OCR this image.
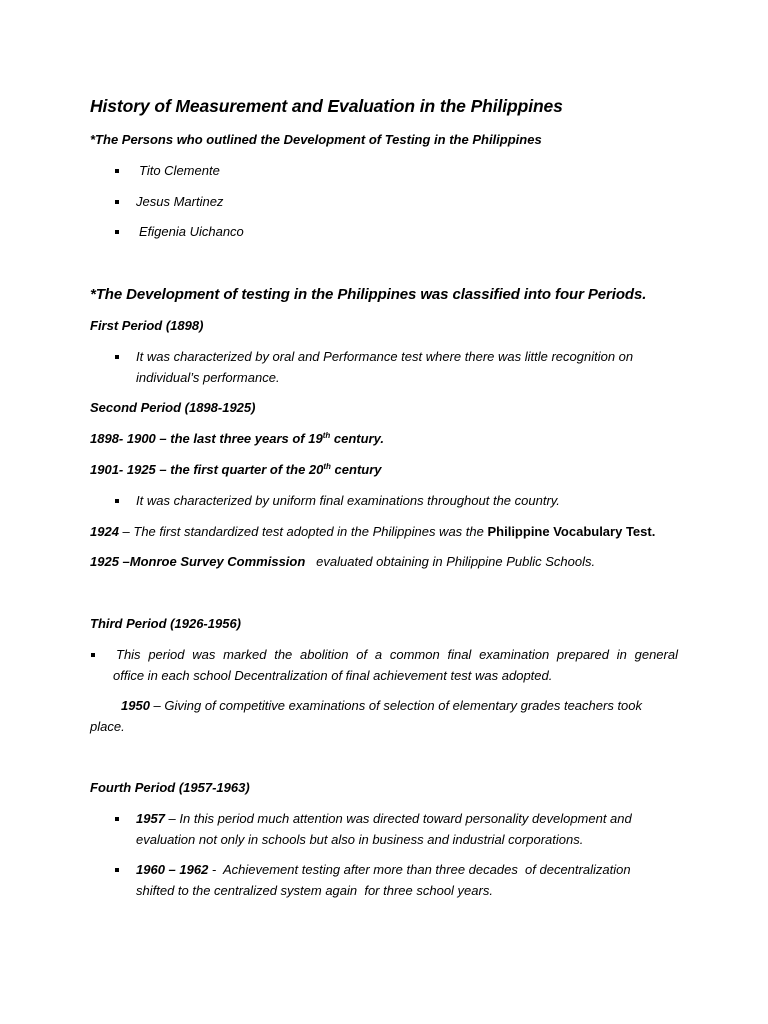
History of Measurement and Evaluation in the Philippines
*The Persons who outlined the Development of Testing in the Philippines
Tito Clemente
Jesus Martinez
Efigenia Uichanco
*The Development of testing in the Philippines was classified into four Periods.
First Period (1898)
It was characterized by oral and Performance test where there was little recognition on
individual’s performance.
Second Period (1898-1925)
1898- 1900 – the last three years of 19th century.
1901- 1925 – the first quarter of the 20th century
It was characterized by uniform final examinations throughout the country.
1924 – The first standardized test adopted in the Philippines was the Philippine Vocabulary Test.
1925 –Monroe Survey Commission   evaluated obtaining in Philippine Public Schools.
Third Period (1926-1956)
This period was marked the abolition of a common final examination prepared in general
office in each school Decentralization of final achievement test was adopted.
1950 – Giving of competitive examinations of selection of elementary grades teachers took
place.
Fourth Period (1957-1963)
1957 – In this period much attention was directed toward personality development and
evaluation not only in schools but also in business and industrial corporations.
1960 – 1962 -  Achievement testing after more than three decades  of decentralization
shifted to the centralized system again  for three school years.
